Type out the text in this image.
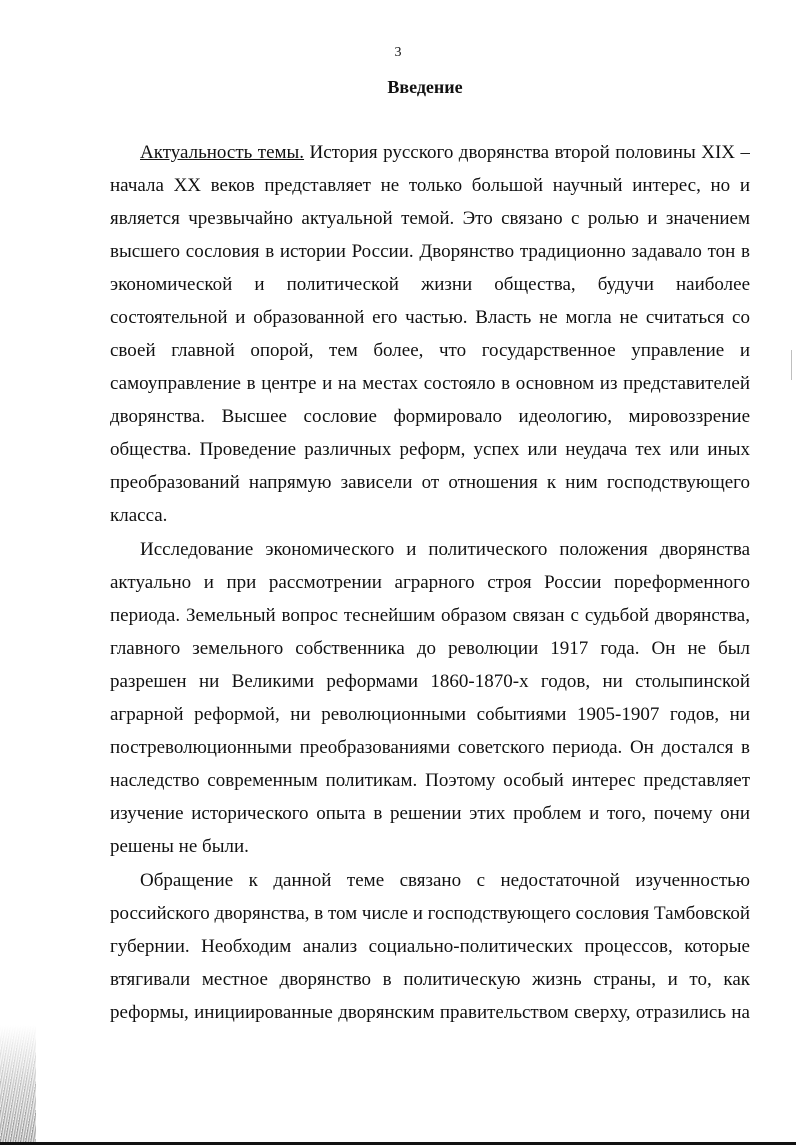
3
Введение
Актуальность темы. История русского дворянства второй половины XIX –
начала XX веков представляет не только большой научный интерес, но и
является чрезвычайно актуальной темой. Это связано с ролью и значением
высшего сословия в истории России. Дворянство традиционно задавало тон в
экономической и политической жизни общества, будучи наиболее
состоятельной и образованной его частью. Власть не могла не считаться со
своей главной опорой, тем более, что государственное управление и
самоуправление в центре и на местах состояло в основном из представителей
дворянства. Высшее сословие формировало идеологию, мировоззрение
общества. Проведение различных реформ, успех или неудача тех или иных
преобразований напрямую зависели от отношения к ним господствующего
класса.
Исследование экономического и политического положения дворянства
актуально и при рассмотрении аграрного строя России пореформенного
периода. Земельный вопрос теснейшим образом связан с судьбой дворянства,
главного земельного собственника до революции 1917 года. Он не был
разрешен ни Великими реформами 1860-1870-х годов, ни столыпинской
аграрной реформой, ни революционными событиями 1905-1907 годов, ни
постреволюционными преобразованиями советского периода. Он достался в
наследство современным политикам. Поэтому особый интерес представляет
изучение исторического опыта в решении этих проблем и того, почему они
решены не были.
Обращение к данной теме связано с недостаточной изученностью
российского дворянства, в том числе и господствующего сословия Тамбовской
губернии. Необходим анализ социально-политических процессов, которые
втягивали местное дворянство в политическую жизнь страны, и то, как
реформы, инициированные дворянским правительством сверху, отразились на
